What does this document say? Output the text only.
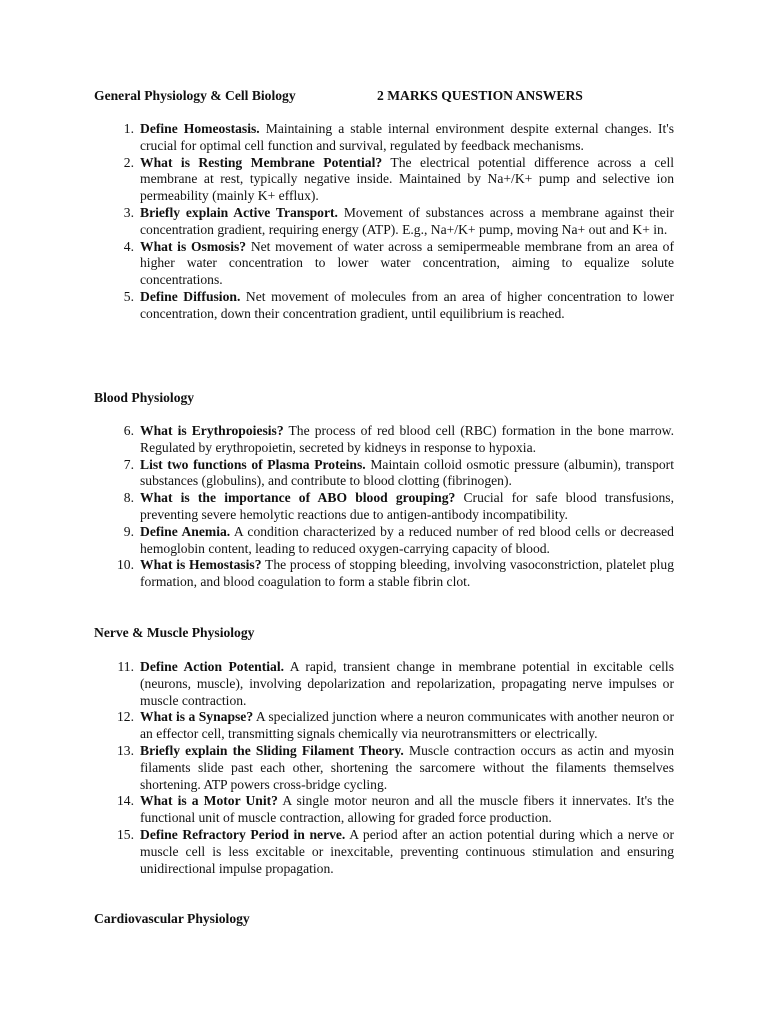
General Physiology & Cell Biology	2 MARKS QUESTION ANSWERS
1. Define Homeostasis. Maintaining a stable internal environment despite external changes. It's crucial for optimal cell function and survival, regulated by feedback mechanisms.
2. What is Resting Membrane Potential? The electrical potential difference across a cell membrane at rest, typically negative inside. Maintained by Na+/K+ pump and selective ion permeability (mainly K+ efflux).
3. Briefly explain Active Transport. Movement of substances across a membrane against their concentration gradient, requiring energy (ATP). E.g., Na+/K+ pump, moving Na+ out and K+ in.
4. What is Osmosis? Net movement of water across a semipermeable membrane from an area of higher water concentration to lower water concentration, aiming to equalize solute concentrations.
5. Define Diffusion. Net movement of molecules from an area of higher concentration to lower concentration, down their concentration gradient, until equilibrium is reached.
Blood Physiology
6. What is Erythropoiesis? The process of red blood cell (RBC) formation in the bone marrow. Regulated by erythropoietin, secreted by kidneys in response to hypoxia.
7. List two functions of Plasma Proteins. Maintain colloid osmotic pressure (albumin), transport substances (globulins), and contribute to blood clotting (fibrinogen).
8. What is the importance of ABO blood grouping? Crucial for safe blood transfusions, preventing severe hemolytic reactions due to antigen-antibody incompatibility.
9. Define Anemia. A condition characterized by a reduced number of red blood cells or decreased hemoglobin content, leading to reduced oxygen-carrying capacity of blood.
10. What is Hemostasis? The process of stopping bleeding, involving vasoconstriction, platelet plug formation, and blood coagulation to form a stable fibrin clot.
Nerve & Muscle Physiology
11. Define Action Potential. A rapid, transient change in membrane potential in excitable cells (neurons, muscle), involving depolarization and repolarization, propagating nerve impulses or muscle contraction.
12. What is a Synapse? A specialized junction where a neuron communicates with another neuron or an effector cell, transmitting signals chemically via neurotransmitters or electrically.
13. Briefly explain the Sliding Filament Theory. Muscle contraction occurs as actin and myosin filaments slide past each other, shortening the sarcomere without the filaments themselves shortening. ATP powers cross-bridge cycling.
14. What is a Motor Unit? A single motor neuron and all the muscle fibers it innervates. It's the functional unit of muscle contraction, allowing for graded force production.
15. Define Refractory Period in nerve. A period after an action potential during which a nerve or muscle cell is less excitable or inexcitable, preventing continuous stimulation and ensuring unidirectional impulse propagation.
Cardiovascular Physiology
